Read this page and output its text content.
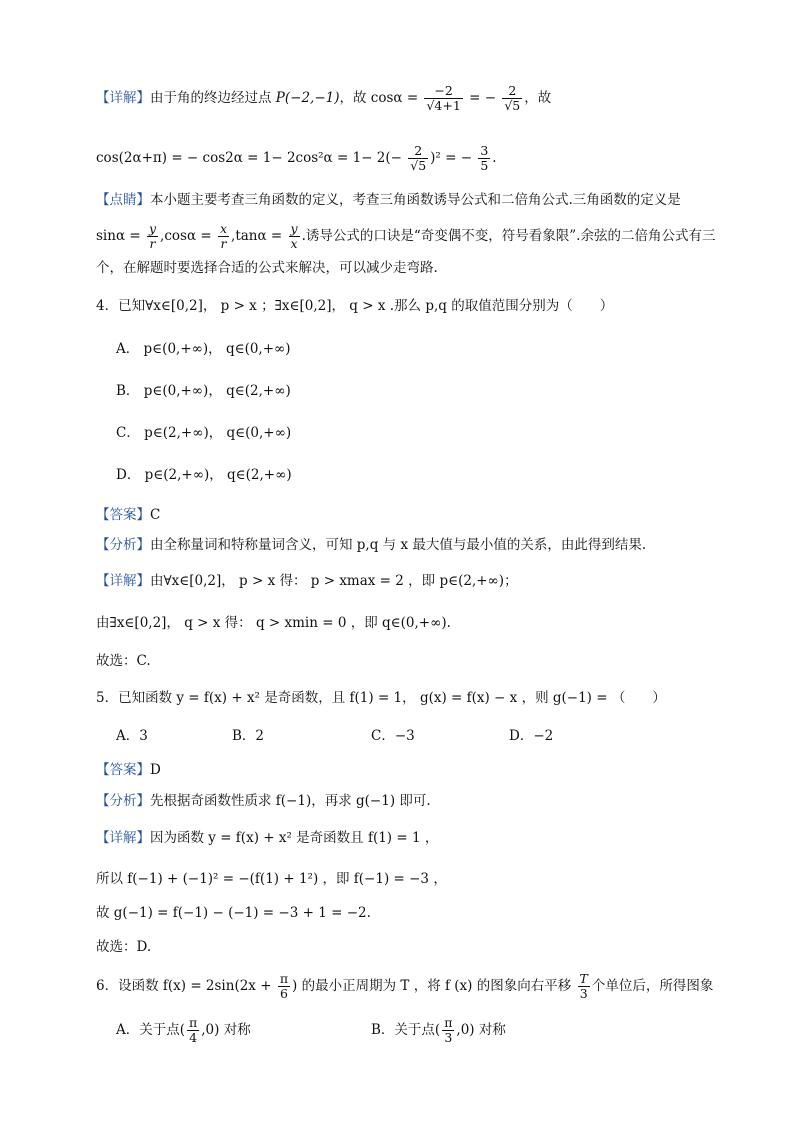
【详解】由于角的终边经过点 P(−2,−1)，故 $\cos\alpha = \frac{-2}{√4+1}$ = − $\frac{2}{√5}$ ，故
cos(2α+π) = − $\cos 2\alpha = 1- 2\cos^2\alpha = 1- 2(- \frac{2}{√5} )^2$ = − $\frac{3}{5}$ .
【点睛】本小题主要考查三角函数的定义，考查三角函数诱导公式和二倍角公式.三角函数的定义是
$\sin\alpha = \frac{y}{r} ,\cos\alpha = \frac{x}{r} ,\tan\alpha = \frac{y}{x}$ .诱导公式的口诀是“奇变偶不变，符号看象限”.余弦的二倍角公式有三
个，在解题时要选择合适的公式来解决，可以减少走弯路.
4．已知∀x∈[0,2]， p > x ；∃x∈[0,2]， q > x .那么 p,q 的取值范围分别为（　　）
A． p∈(0,+∞)， q∈(0,+∞)
B． p∈(0,+∞)， q∈(2,+∞)
C． p∈(2,+∞)， q∈(0,+∞)
D． p∈(2,+∞)， q∈(2,+∞)
【答案】C
【分析】由全称量词和特称量词含义，可知 p,q 与 x 最大值与最小值的关系，由此得到结果.
【详解】由∀x∈[0,2]， p > x 得： p > xmax = 2 ，即 p∈(2,+∞)；
由∃x∈[0,2]， q > x 得： q > xmin = 0 ，即 q∈(0,+∞).
故选：C.
5．已知函数 y = f(x) + x² 是奇函数，且 f(1) = 1， g(x) = f(x) − x ，则 g(−1) = （　　）
A．3	B．2	C．−3	D．−2
【答案】D
【分析】先根据奇函数性质求 f(−1)，再求 g(−1) 即可.
【详解】因为函数 y = f(x) + x² 是奇函数且 f(1) = 1 ，
所以 f(−1) + (−1)² = −(f(1) + 1²) ，即 f(−1) = −3 ，
故 g(−1) = f(−1) − (−1) = −3 + 1 = −2.
故选：D.
6．设函数 $f(x) = 2\sin(2x + \frac{\pi}{6}$ ) 的最小正周期为 T ，将 f (x) 的图象向右平移 $\frac{T}{3}$ 个单位后，所得图象
A．关于点( $\frac{\pi}{4} ,0$) 对称	B．关于点( $\frac{\pi}{3} ,0$) 对称
